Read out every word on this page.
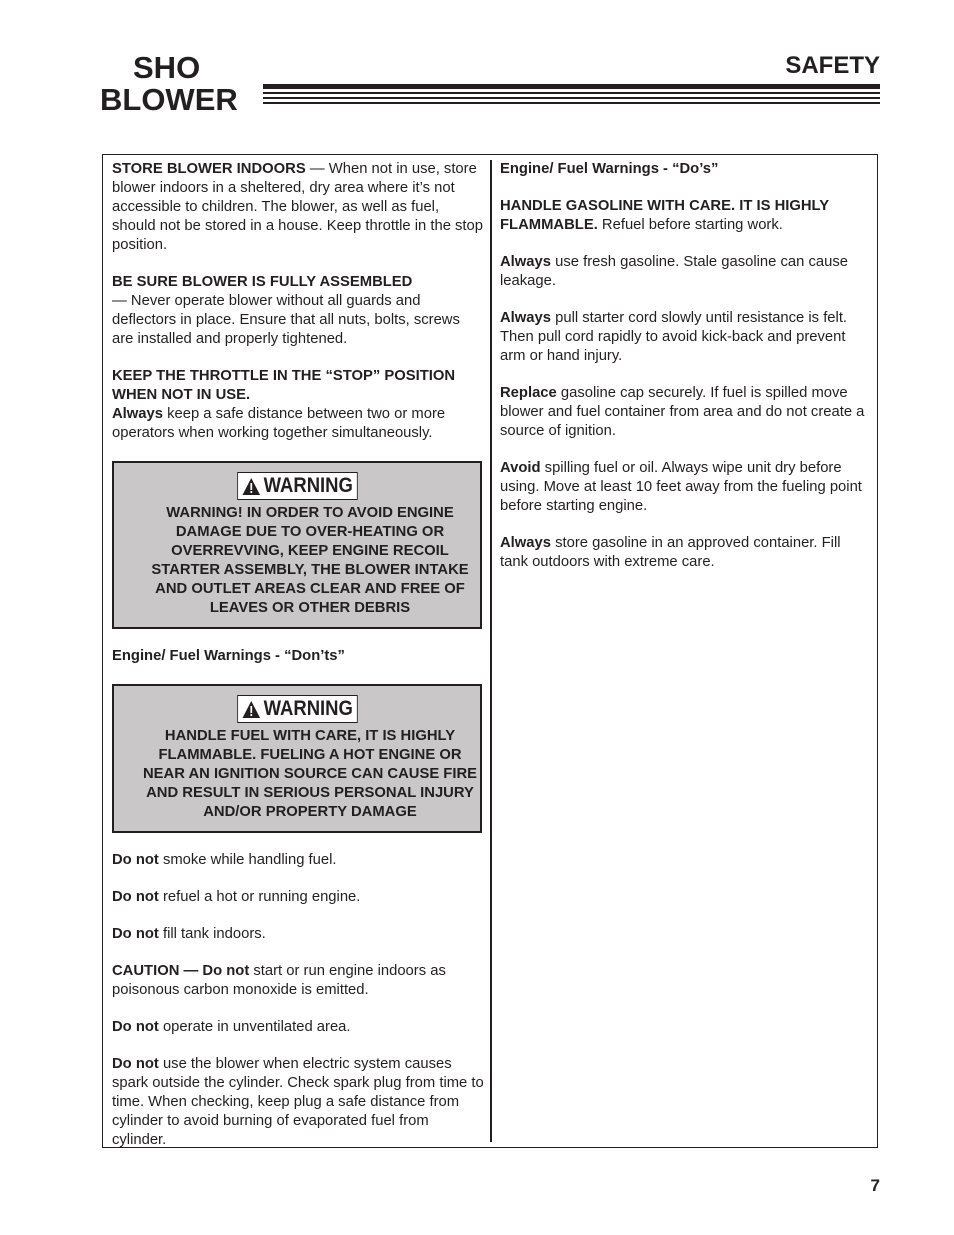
SHO
BLOWER
SAFETY

STORE BLOWER INDOORS — When not in use, store blower indoors in a sheltered, dry area where it’s not accessible to children. The blower, as well as fuel, should not be stored in a house. Keep throttle in the stop position.

BE SURE BLOWER IS FULLY ASSEMBLED
— Never operate blower without all guards and deflectors in place. Ensure that all nuts, bolts, screws are installed and properly tightened.

KEEP THE THROTTLE IN THE “STOP” POSITION WHEN NOT IN USE.
Always keep a safe distance between two or more operators when working together simultaneously.

WARNING
WARNING! IN ORDER TO AVOID ENGINE DAMAGE DUE TO OVER-HEATING OR OVERREVVING, KEEP ENGINE RECOIL STARTER ASSEMBLY, THE BLOWER INTAKE AND OUTLET AREAS CLEAR AND FREE OF LEAVES OR OTHER DEBRIS

Engine/ Fuel Warnings - “Don’ts”

WARNING
HANDLE FUEL WITH CARE, IT IS HIGHLY FLAMMABLE. FUELING A HOT ENGINE OR NEAR AN IGNITION SOURCE CAN CAUSE FIRE AND RESULT IN SERIOUS PERSONAL INJURY AND/OR PROPERTY DAMAGE

Do not smoke while handling fuel.

Do not refuel a hot or running engine.

Do not fill tank indoors.

CAUTION — Do not start or run engine indoors as poisonous carbon monoxide is emitted.

Do not operate in unventilated area.

Do not use the blower when electric system causes spark outside the cylinder. Check spark plug from time to time. When checking, keep plug a safe distance from cylinder to avoid burning of evaporated fuel from cylinder.

Engine/ Fuel Warnings - “Do’s”

HANDLE GASOLINE WITH CARE. IT IS HIGHLY FLAMMABLE. Refuel before starting work.

Always use fresh gasoline. Stale gasoline can cause leakage.

Always pull starter cord slowly until resistance is felt. Then pull cord rapidly to avoid kick-back and prevent arm or hand injury.

Replace gasoline cap securely. If fuel is spilled move blower and fuel container from area and do not create a source of ignition.

Avoid spilling fuel or oil. Always wipe unit dry before using. Move at least 10 feet away from the fueling point before starting engine.

Always store gasoline in an approved container. Fill tank outdoors with extreme care.

7
